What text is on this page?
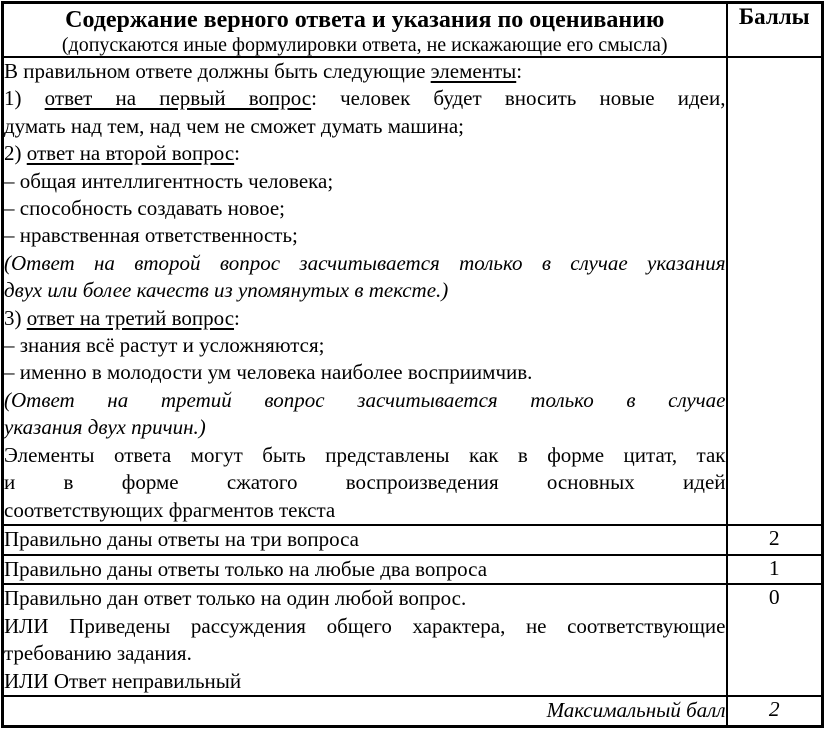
Содержание верного ответа и указания по оцениванию
(допускаются иные формулировки ответа, не искажающие его смысла)	Баллы

В правильном ответе должны быть следующие элементы:
1) ответ на первый вопрос: человек будет вносить новые идеи,
думать над тем, над чем не сможет думать машина;
2) ответ на второй вопрос:
– общая интеллигентность человека;
– способность создавать новое;
– нравственная ответственность;
(Ответ на второй вопрос засчитывается только в случае указания
двух или более качеств из упомянутых в тексте.)
3) ответ на третий вопрос:
– знания всё растут и усложняются;
– именно в молодости ум человека наиболее восприимчив.
(Ответ на третий вопрос засчитывается только в случае
указания двух причин.)
Элементы ответа могут быть представлены как в форме цитат, так
и в форме сжатого воспроизведения основных идей
соответствующих фрагментов текста

Правильно даны ответы на три вопроса	2

Правильно даны ответы только на любые два вопроса	1

Правильно дан ответ только на один любой вопрос.
ИЛИ Приведены рассуждения общего характера, не соответствующие
требованию задания.
ИЛИ Ответ неправильный	0

Максимальный балл	2
